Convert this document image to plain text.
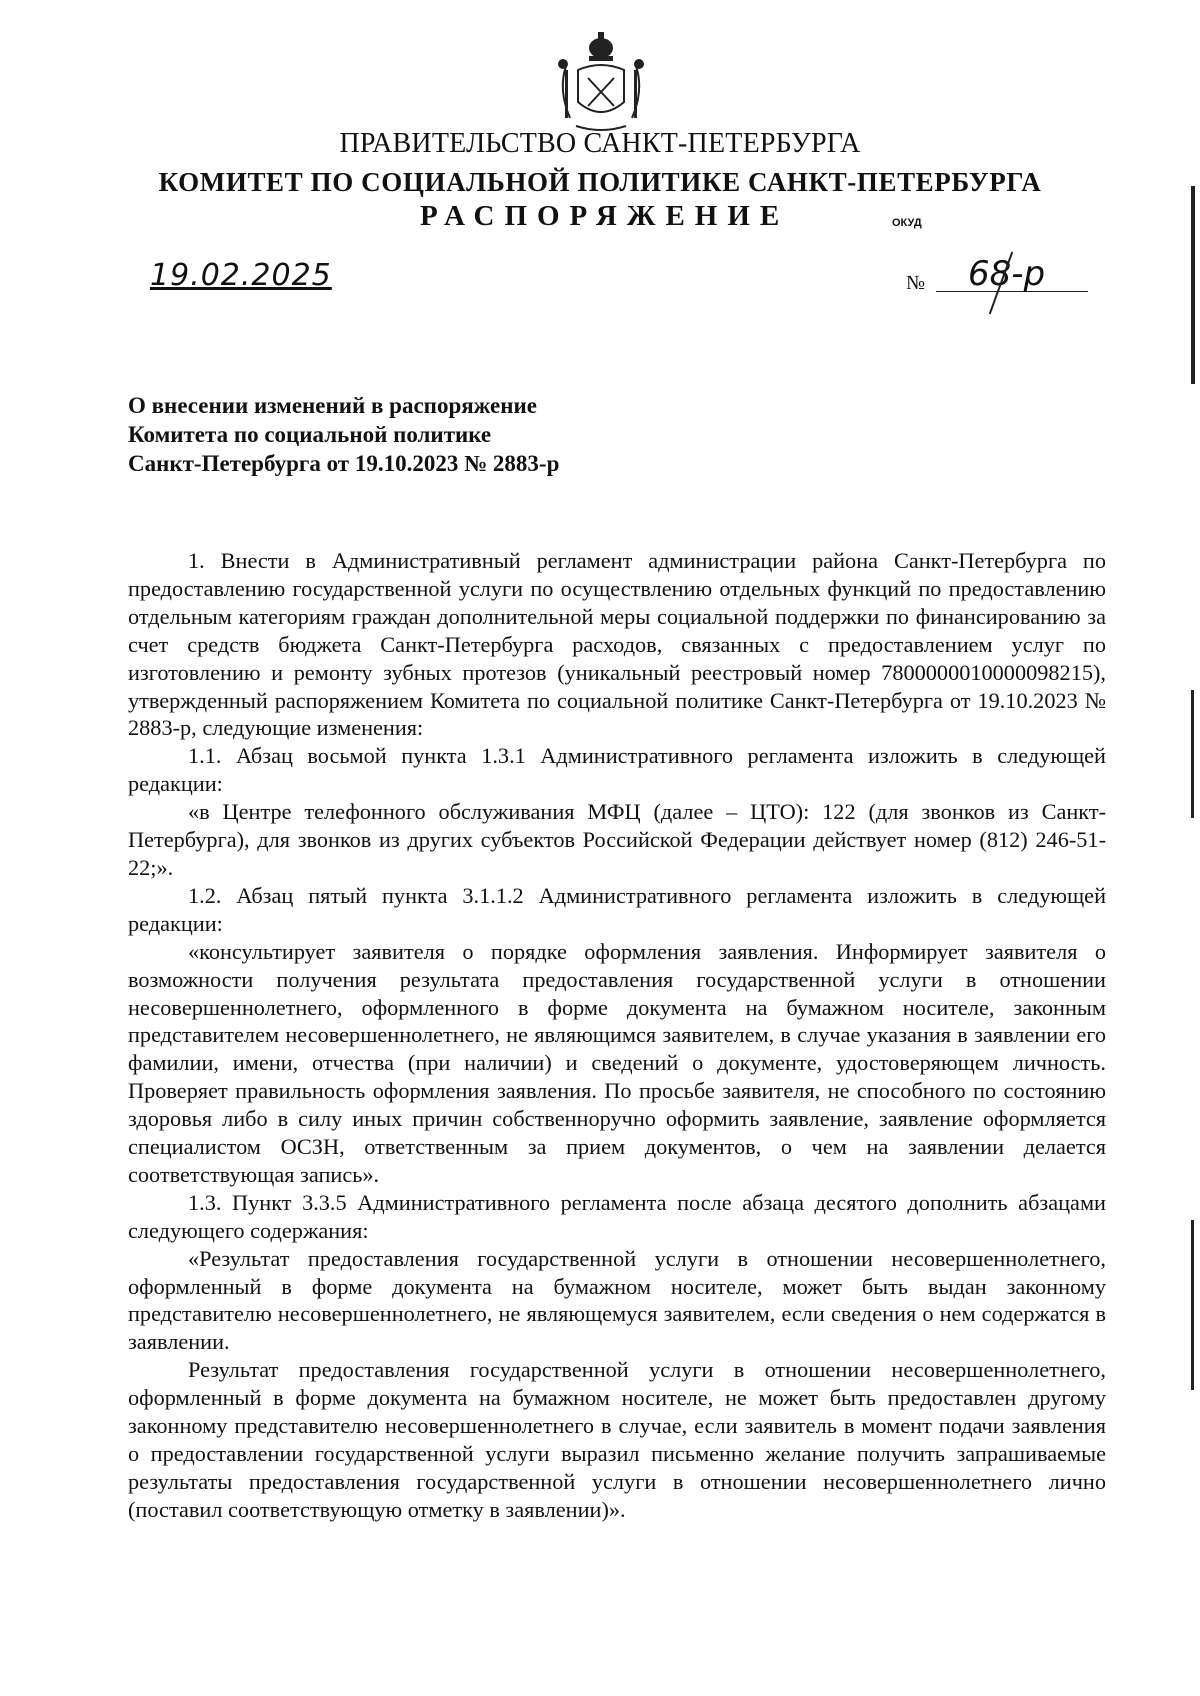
ПРАВИТЕЛЬСТВО САНКТ-ПЕТЕРБУРГА
КОМИТЕТ ПО СОЦИАЛЬНОЙ ПОЛИТИКЕ САНКТ-ПЕТЕРБУРГА
РАСПОРЯЖЕНИЕ	ОКУД
19.02.2025	№ 68-р
О внесении изменений в распоряжение
Комитета по социальной политике
Санкт-Петербурга от 19.10.2023 № 2883-р

1. Внести в Административный регламент администрации района Санкт-Петербурга по предоставлению государственной услуги по осуществлению отдельных функций по предоставлению отдельным категориям граждан дополнительной меры социальной поддержки по финансированию за счет средств бюджета Санкт-Петербурга расходов, связанных с предоставлением услуг по изготовлению и ремонту зубных протезов (уникальный реестровый номер 7800000010000098215), утвержденный распоряжением Комитета по социальной политике Санкт-Петербурга от 19.10.2023 № 2883-р, следующие изменения:

1.1. Абзац восьмой пункта 1.3.1 Административного регламента изложить в следующей редакции:

«в Центре телефонного обслуживания МФЦ (далее – ЦТО): 122 (для звонков из Санкт-Петербурга), для звонков из других субъектов Российской Федерации действует номер (812) 246-51-22;».

1.2. Абзац пятый пункта 3.1.1.2 Административного регламента изложить в следующей редакции:

«консультирует заявителя о порядке оформления заявления. Информирует заявителя о возможности получения результата предоставления государственной услуги в отношении несовершеннолетнего, оформленного в форме документа на бумажном носителе, законным представителем несовершеннолетнего, не являющимся заявителем, в случае указания в заявлении его фамилии, имени, отчества (при наличии) и сведений о документе, удостоверяющем личность. Проверяет правильность оформления заявления. По просьбе заявителя, не способного по состоянию здоровья либо в силу иных причин собственноручно оформить заявление, заявление оформляется специалистом ОСЗН, ответственным за прием документов, о чем на заявлении делается соответствующая запись».

1.3. Пункт 3.3.5 Административного регламента после абзаца десятого дополнить абзацами следующего содержания:

«Результат предоставления государственной услуги в отношении несовершеннолетнего, оформленный в форме документа на бумажном носителе, может быть выдан законному представителю несовершеннолетнего, не являющемуся заявителем, если сведения о нем содержатся в заявлении.

Результат предоставления государственной услуги в отношении несовершеннолетнего, оформленный в форме документа на бумажном носителе, не может быть предоставлен другому законному представителю несовершеннолетнего в случае, если заявитель в момент подачи заявления о предоставлении государственной услуги выразил письменно желание получить запрашиваемые результаты предоставления государственной услуги в отношении несовершеннолетнего лично (поставил соответствующую отметку в заявлении)».
